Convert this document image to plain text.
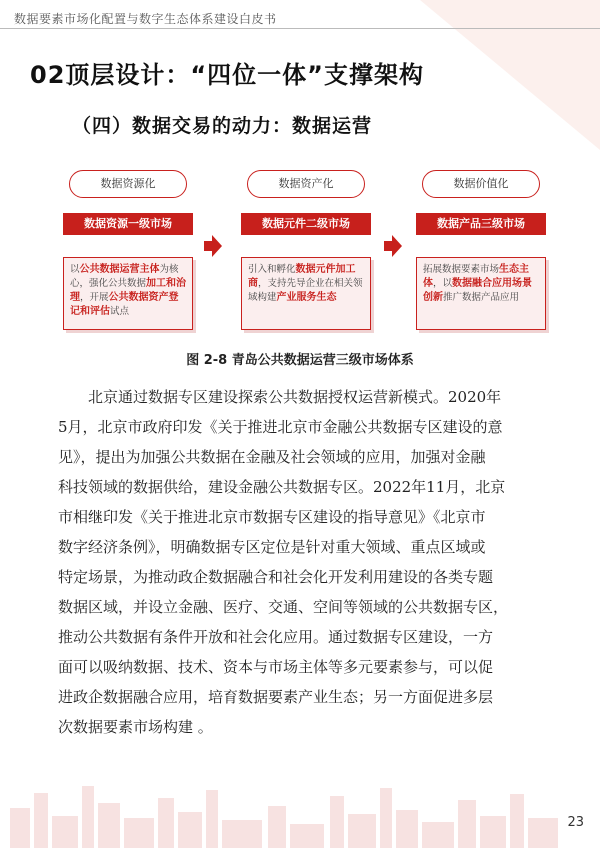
数据要素市场化配置与数字生态体系建设白皮书
02顶层设计：“四位一体”支撑架构
（四）数据交易的动力：数据运营
数据资源化
数据资源一级市场
以公共数据运营主体为核心，强化公共数据加工和治理，开展公共数据资产登记和评估试点
数据资产化
数据元件二级市场
引入和孵化数据元件加工商，支持先导企业在相关领域构建产业服务生态
数据价值化
数据产品三级市场
拓展数据要素市场生态主体，以数据融合应用场景创新推广数据产品应用
图 2-8 青岛公共数据运营三级市场体系
北京通过数据专区建设探索公共数据授权运营新模式。2020年
5月，北京市政府印发《关于推进北京市金融公共数据专区建设的意
见》，提出为加强公共数据在金融及社会领域的应用，加强对金融
科技领域的数据供给，建设金融公共数据专区。2022年11月，北京
市相继印发《关于推进北京市数据专区建设的指导意见》《北京市
数字经济条例》，明确数据专区定位是针对重大领域、重点区域或
特定场景，为推动政企数据融合和社会化开发利用建设的各类专题
数据区域，并设立金融、医疗、交通、空间等领域的公共数据专区，
推动公共数据有条件开放和社会化应用。通过数据专区建设，一方
面可以吸纳数据、技术、资本与市场主体等多元要素参与，可以促
进政企数据融合应用，培育数据要素产业生态；另一方面促进多层
次数据要素市场构建 。
23
